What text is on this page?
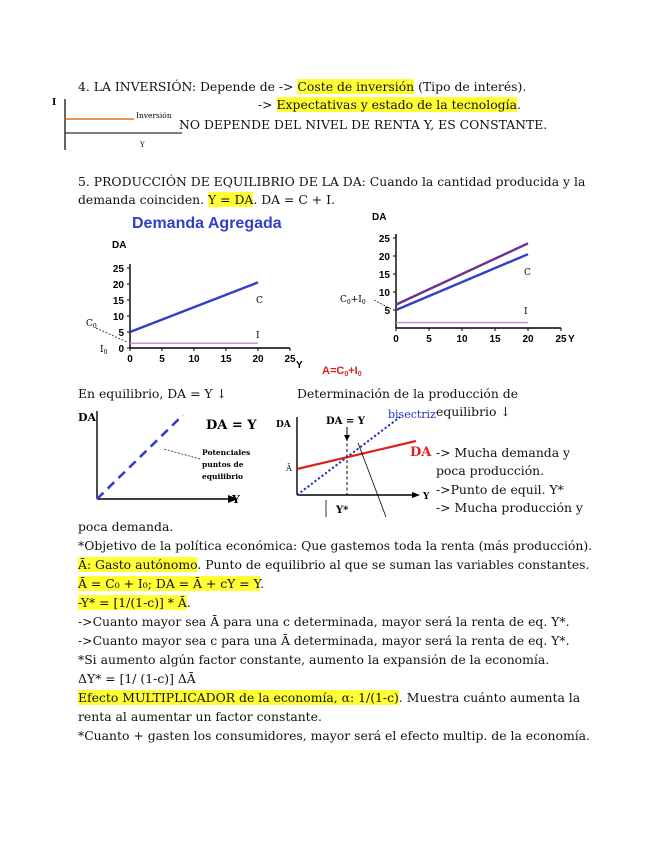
4. LA INVERSIÓN: Depende de -> Coste de inversión (Tipo de interés).
-> Expectativas y estado de la tecnología.
NO DEPENDE DEL NIVEL DE RENTA Y, ES CONSTANTE.
I
Y
Inversión
5. PRODUCCIÓN DE EQUILIBRIO DE LA DA: Cuando la cantidad producida y la
demanda coinciden. Y = DA. DA = C + I.
Demanda Agregada
DA
Y
0	5 10 15 20 25
0
5
10
15
20
25
C
I
$C_0$
$I_0$
DA
Y
0	5 10 15 20 25
5
10
15
20
25
C
I
$C_0+I_0$
A=C0+I0
En equilibrio, DA = Y ↓	Determinación de la producción de
equilibrio ↓
DA
Y
DA = Y
Potenciales
puntos de
equilibrio
DA
Y
DA = Y
bisectriz
Ā
Y*
DA -> Mucha demanda y
poca producción.
->Punto de equil. Y*
-> Mucha producción y
poca demanda.
*Objetivo de la política económica: Que gastemos toda la renta (más producción).
Ā: Gasto autónomo. Punto de equilibrio al que se suman las variables constantes.
Ā = C₀ + I₀; DA = Ā + cY = Y.
-Y* = [1/(1-c)] * Ā.
->Cuanto mayor sea Ā para una c determinada, mayor será la renta de eq. Y*.
->Cuanto mayor sea c para una Ā determinada, mayor será la renta de eq. Y*.
*Si aumento algún factor constante, aumento la expansión de la economía.
ΔY* = [1/ (1-c)] ΔĀ
Efecto MULTIPLICADOR de la economía, α: 1/(1-c). Muestra cuánto aumenta la
renta al aumentar un factor constante.
*Cuanto + gasten los consumidores, mayor será el efecto multip. de la economía.
